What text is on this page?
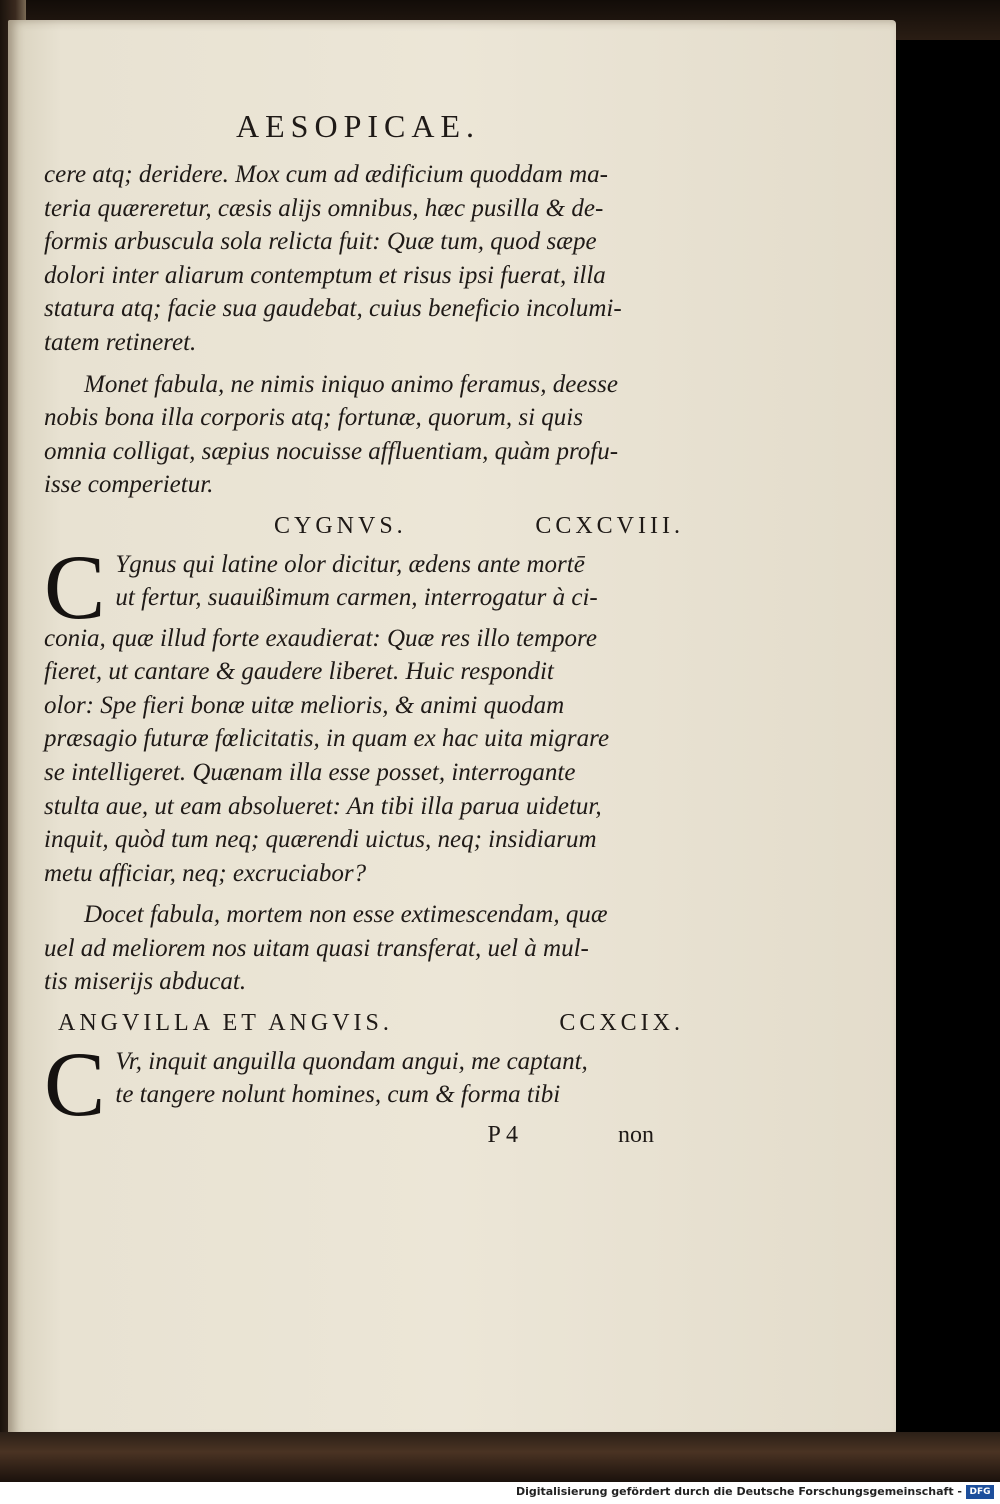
AESOPICAE.
cere atq; deridere. Mox cum ad ædificium quoddam ma-
teria quæreretur, cæsis alijs omnibus, hæc pusilla & de-
formis arbuscula sola relicta fuit: Quæ tum, quod sæpe
dolori inter aliarum contemptum et risus ipsi fuerat, illa
statura atq; facie sua gaudebat, cuius beneficio incolumi-
tatem retineret.
Monet fabula, ne nimis iniquo animo feramus, deesse
nobis bona illa corporis atq; fortunæ, quorum, si quis
omnia colligat, sæpius nocuisse affluentiam, quàm profu-
isse comperietur.
CYGNVS.	CCXCVIII.
C Ygnus qui latine olor dicitur, ædens ante mortē
ut fertur, suauißimum carmen, interrogatur à ci-
conia, quæ illud forte exaudierat: Quæ res illo tempore
fieret, ut cantare & gaudere liberet. Huic respondit
olor: Spe fieri bonæ uitæ melioris, & animi quodam
præsagio futuræ fœlicitatis, in quam ex hac uita migrare
se intelligeret. Quænam illa esse posset, interrogante
stulta aue, ut eam absolueret: An tibi illa parua uidetur,
inquit, quòd tum neq; quærendi uictus, neq; insidiarum
metu afficiar, neq; excruciabor?
Docet fabula, mortem non esse extimescendam, quæ
uel ad meliorem nos uitam quasi transferat, uel à mul-
tis miserijs abducat.
ANGVILLA ET ANGVIS.	CCXCIX.
C Vr, inquit anguilla quondam angui, me captant,
te tangere nolunt homines, cum & forma tibi
P 4	non
Digitalisierung gefördert durch die Deutsche Forschungsgemeinschaft - DFG
